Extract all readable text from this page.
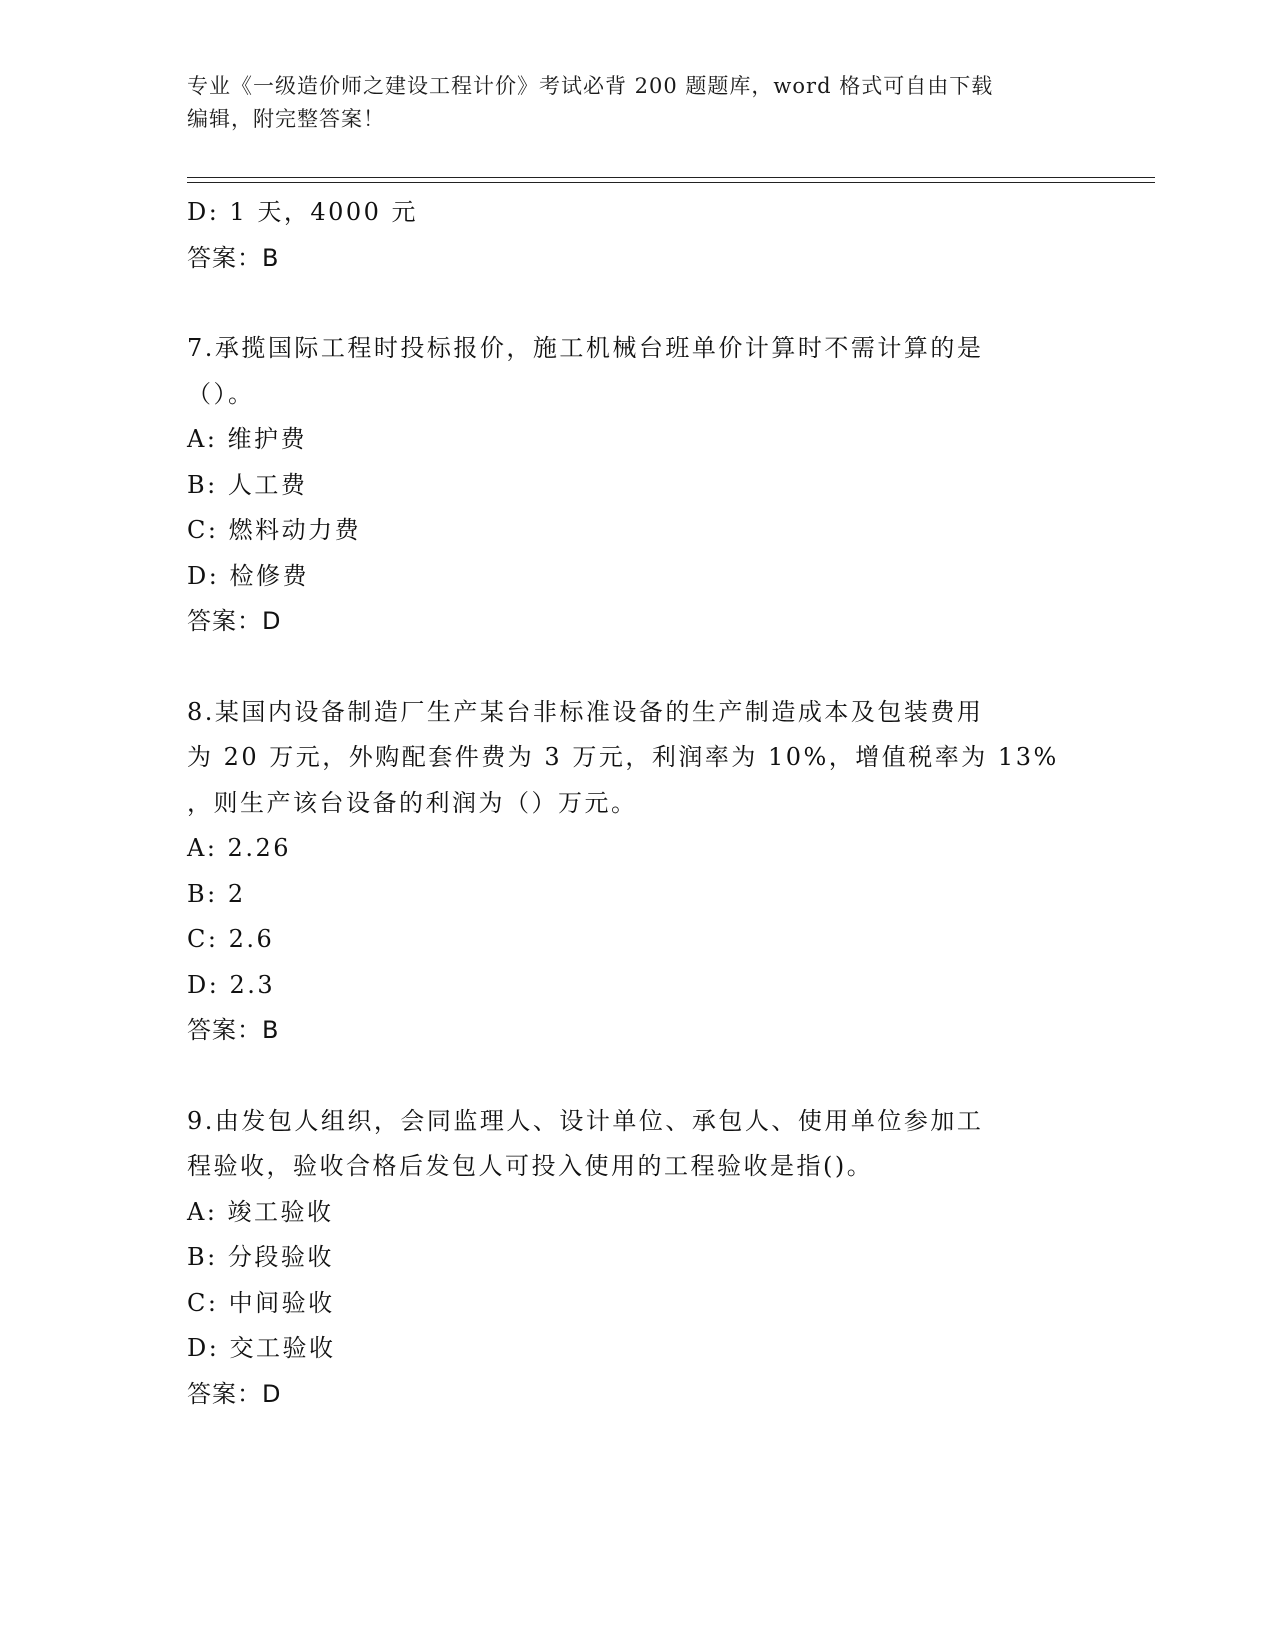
专业《一级造价师之建设工程计价》考试必背 200 题题库，word 格式可自由下载
编辑，附完整答案！
D: 1 天，4000 元
答案：B
7.承揽国际工程时投标报价，施工机械台班单价计算时不需计算的是
（）。
A: 维护费
B: 人工费
C: 燃料动力费
D: 检修费
答案：D
8.某国内设备制造厂生产某台非标准设备的生产制造成本及包装费用
为 20 万元，外购配套件费为 3 万元，利润率为 10%，增值税率为 13%
，则生产该台设备的利润为（）万元。
A: 2.26
B: 2
C: 2.6
D: 2.3
答案：B
9.由发包人组织，会同监理人、设计单位、承包人、使用单位参加工
程验收，验收合格后发包人可投入使用的工程验收是指()。
A: 竣工验收
B: 分段验收
C: 中间验收
D: 交工验收
答案：D
